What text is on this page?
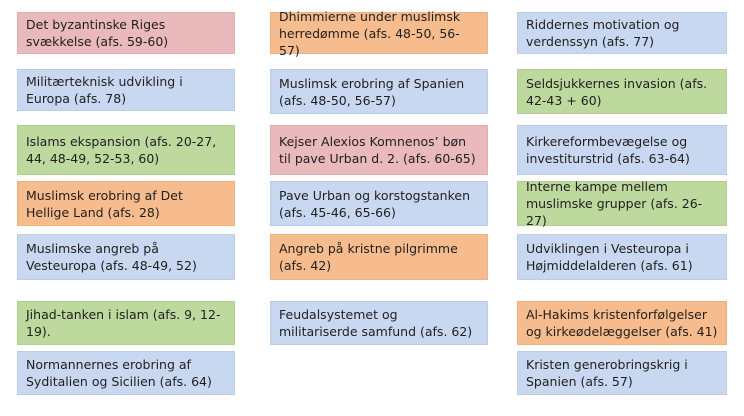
Det byzantinske Riges svækkelse (afs. 59-60)
Militærteknisk udvikling i Europa (afs. 78)
Islams ekspansion (afs. 20-27, 44, 48-49, 52-53, 60)
Muslimsk erobring af Det Hellige Land (afs. 28)
Muslimske angreb på Vesteuropa (afs. 48-49, 52)
Jihad-tanken i islam (afs. 9, 12-19).
Normannernes erobring af Syditalien og Sicilien (afs. 64)
Dhimmierne under muslimsk herredømme (afs. 48-50, 56-57)
Muslimsk erobring af Spanien (afs. 48-50, 56-57)
Kejser Alexios Komnenos’ bøn til pave Urban d. 2. (afs. 60-65)
Pave Urban og korstogstanken (afs. 45-46, 65-66)
Angreb på kristne pilgrimme (afs. 42)
Feudalsystemet og militariserde samfund (afs. 62)
Riddernes motivation og verdenssyn (afs. 77)
Seldsjukkernes invasion (afs. 42-43 + 60)
Kirkereformbevægelse og investiturstrid (afs. 63-64)
Interne kampe mellem muslimske grupper (afs. 26-27)
Udviklingen i Vesteuropa i Højmiddelalderen (afs. 61)
Al-Hakims kristenforfølgelser og kirkeødelæggelser (afs. 41)
Kristen generobringskrig i Spanien (afs. 57)
